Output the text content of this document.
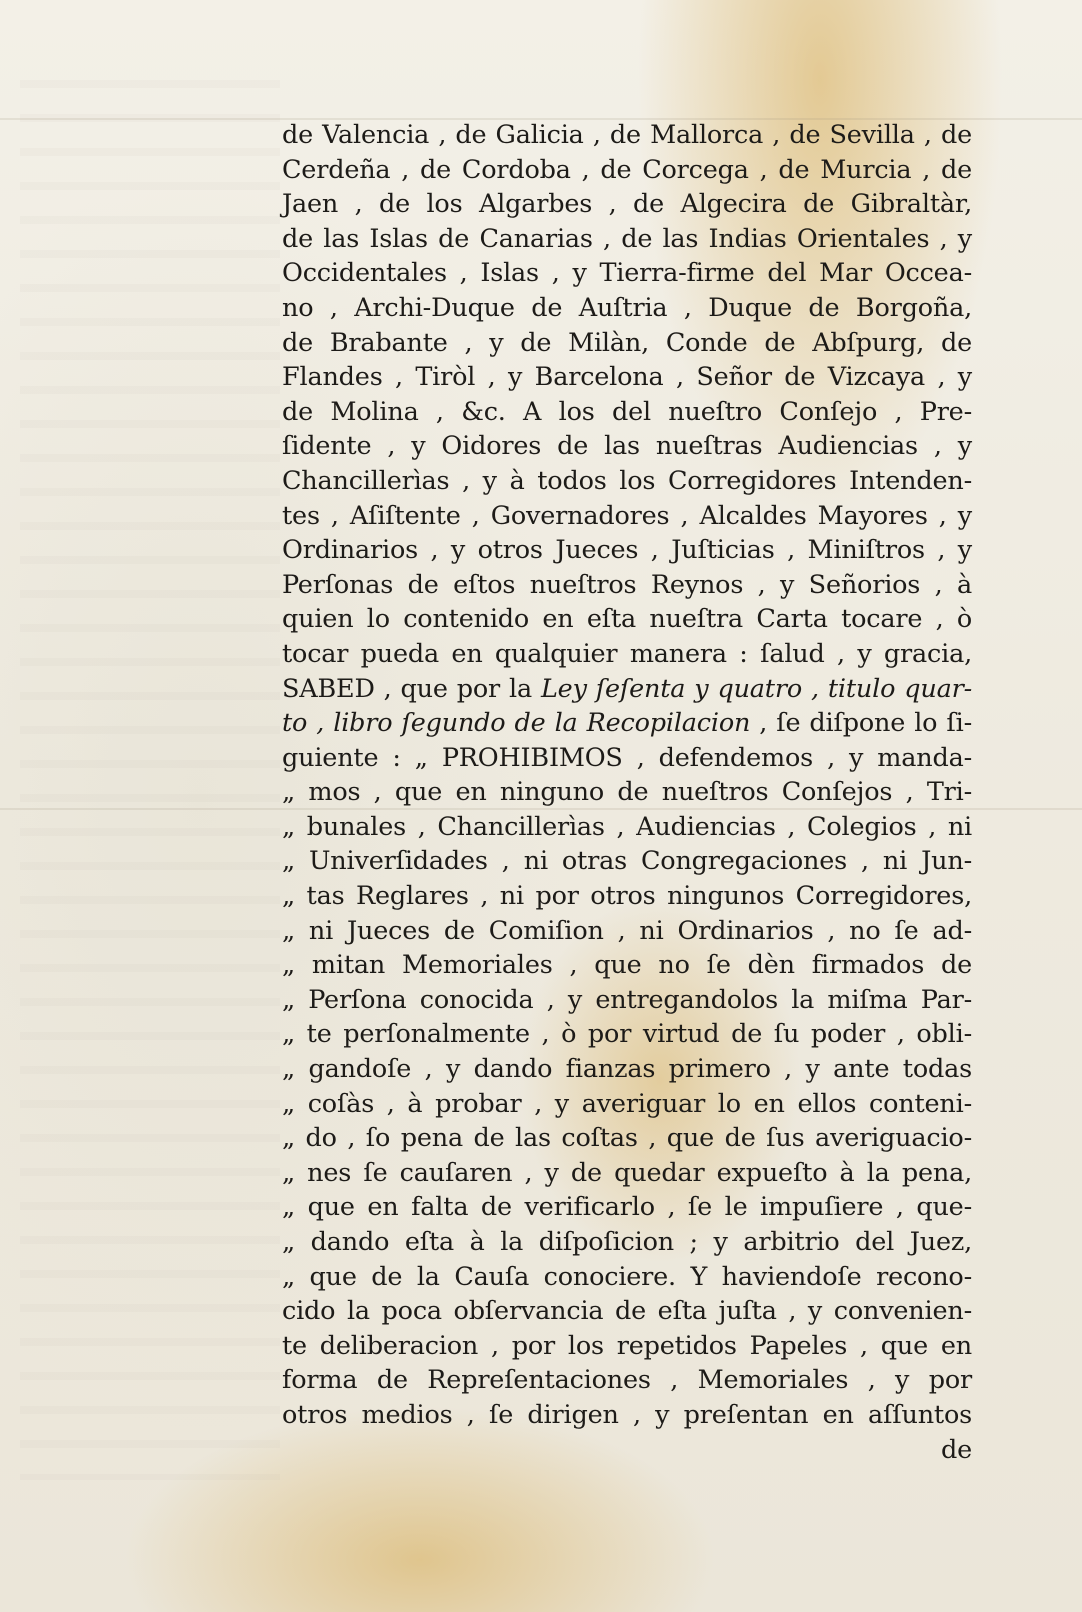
de Valencia , de Galicia , de Mallorca , de Sevilla , de
Cerdeña , de Cordoba , de Corcega , de Murcia , de
Jaen , de los Algarbes , de Algecira de Gibraltàr,
de las Islas de Canarias , de las Indias Orientales , y
Occidentales , Islas , y Tierra-firme del Mar Occea-
no , Archi-Duque de Auſtria , Duque de Borgoña,
de Brabante , y de Milàn, Conde de Abſpurg, de
Flandes , Tiròl , y Barcelona , Señor de Vizcaya , y
de Molina , &c. A los del nueſtro Conſejo , Pre-
ſidente , y Oidores de las nueſtras Audiencias , y
Chancillerìas , y à todos los Corregidores Intenden-
tes , Aſiſtente , Governadores , Alcaldes Mayores , y
Ordinarios , y otros Jueces , Juſticias , Miniſtros , y
Perſonas de eſtos nueſtros Reynos , y Señorios , à
quien lo contenido en eſta nueſtra Carta tocare , ò
tocar pueda en qualquier manera : ſalud , y gracia,
SABED , que por la Ley ſeſenta y quatro , titulo quar-
to , libro ſegundo de la Recopilacion , ſe diſpone lo ſi-
guiente : „ PROHIBIMOS , defendemos , y manda-
„ mos , que en ninguno de nueſtros Conſejos , Tri-
„ bunales , Chancillerìas , Audiencias , Colegios , ni
„ Univerſidades , ni otras Congregaciones , ni Jun-
„ tas Reglares , ni por otros ningunos Corregidores,
„ ni Jueces de Comiſion , ni Ordinarios , no ſe ad-
„ mitan Memoriales , que no ſe dèn firmados de
„ Perſona conocida , y entregandolos la miſma Par-
„ te perſonalmente , ò por virtud de ſu poder , obli-
„ gandoſe , y dando fianzas primero , y ante todas
„ coſàs , à probar , y averiguar lo en ellos conteni-
„ do , ſo pena de las coſtas , que de ſus averiguacio-
„ nes ſe cauſaren , y de quedar expueſto à la pena,
„ que en falta de verificarlo , ſe le impuſiere , que-
„ dando eſta à la diſpoſicion ; y arbitrio del Juez,
„ que de la Cauſa conociere. Y haviendoſe recono-
cido la poca obſervancia de eſta juſta , y convenien-
te deliberacion , por los repetidos Papeles , que en
forma de Repreſentaciones , Memoriales , y por
otros medios , ſe dirigen , y preſentan en aſſuntos
de
